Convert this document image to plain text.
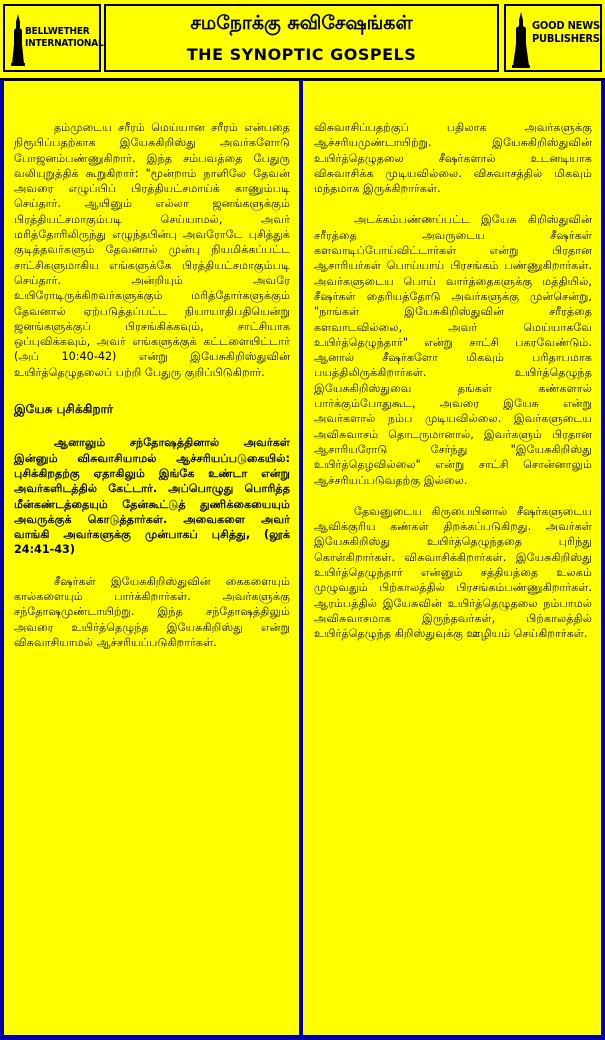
BELLWETHER INTERNATIONAL
சமநோக்கு சுவிசேஷங்கள்
THE SYNOPTIC GOSPELS
GOOD NEWS PUBLISHERS

தம்முடைய சரீரம் மெய்யான சரீரம் என்பதை நிரூபிப்பதற்காக இயேசுகிறிஸ்து அவர்களோடு போஜனம்பண்ணுகிறார். இந்த சம்பவத்தை பேதுரு வலியுறுத்திக் கூறுகிறார்: "மூன்றாம் நாளிலே தேவன் அவரை எழுப்பிப் பிரத்தியட்சமாய்க் காணும்படி செய்தார். ஆயினும் எல்லா ஜனங்களுக்கும் பிரத்தியட்சமாகும்படி செய்யாமல், அவர் மரித்தோரிலிருந்து எழுந்தபின்பு அவரோடே புசித்துக் குடித்தவர்களும் தேவனால் முன்பு நியமிக்கப்பட்ட சாட்சிகளுமாகிய எங்களுக்கே பிரத்தியட்சமாகும்படி செய்தார். அன்றியும் அவரே உயிரோடிருக்கிறவர்களுக்கும் மரித்தோர்களுக்கும் தேவனால் ஏற்படுத்தப்பட்ட நியாயாதிபதியென்று ஜனங்களுக்குப் பிரசங்கிக்கவும், சாட்சியாக ஒப்புவிக்கவும், அவர் எங்களுக்குக் கட்டளையிட்டார் (அப் 10:40-42) என்று இயேசுகிறிஸ்துவின் உயிர்த்தெழுதலைப் பற்றி பேதுரு குறிப்பிடுகிறார்.

இயேசு புசிக்கிறார்

ஆனாலும் சந்தோஷத்தினால் அவர்கள் இன்னும் விசுவாசியாமல் ஆச்சரியப்படுகையில்: புசிக்கிறதற்கு ஏதாகிலும் இங்கே உண்டா என்று அவர்களிடத்தில் கேட்டார். அப்பொழுது பொரித்த மீன்கண்டத்தையும் தேன்கூட்டுத் துணிக்கையையும் அவருக்குக் கொடுத்தார்கள். அவைகளை அவர் வாங்கி அவர்களுக்கு முன்பாகப் புசித்து, (லூக் 24:41-43)

சீஷர்கள் இயேசுகிறிஸ்துவின் கைகளையும் கால்களையும் பார்க்கிறார்கள். அவர்களுக்கு சந்தோஷமுண்டாயிற்று. இந்த சந்தோஷத்திலும் அவரை உயிர்த்தெழுந்த இயேசுகிறிஸ்து என்று விசுவாசியாமல் ஆச்சரியப்படுகிறார்கள்.

விசுவாசிப்பதற்குப் பதிலாக அவர்களுக்கு ஆச்சரியமுண்டாயிற்று. இயேசுகிறிஸ்துவின் உயிர்த்தெழுதலை சீஷர்களால் உடனடியாக விசுவாசிக்க முடியவில்லை. விசுவாசத்தில் மிகவும் மந்தமாக இருக்கிறார்கள்.

அடக்கம்பண்ணப்பட்ட இயேசு கிறிஸ்துவின் சரீரத்தை அவருடைய சீஷர்கள் களவாடிப்போய்விட்டார்கள் என்று பிரதான ஆசாரியர்கள் பொய்யாய் பிரசங்கம் பண்ணுகிறார்கள். அவர்களுடைய பொய் வார்த்தைகளுக்கு மத்தியில், சீஷர்கள் தைரியத்தோடு அவர்களுக்கு முன்சென்று, "நாங்கள் இயேசுகிறிஸ்துவின் சரீரத்தை களவாடவில்லை, அவர் மெய்யாகவே உயிர்த்தெழுந்தார்" என்று சாட்சி பகரவேண்டும். ஆனால் சீஷர்களோ மிகவும் பரிதாபமாக பயத்திலிருக்கிறார்கள். உயிர்த்தெழுந்த இயேசுகிறிஸ்துவை தங்கள் கண்களால் பார்க்கும்போதுகூட, அவரை இயேசு என்று அவர்களால் நம்ப முடியவில்லை. இவர்களுடைய அவிசுவாசம் தொடருமானால், இவர்களும் பிரதான ஆசாரியரோடு சேர்ந்து "இயேசுகிறிஸ்து உயிர்த்தெழவில்லை" என்று சாட்சி சொன்னாலும் ஆச்சரியப்படுவதற்கு இல்லை.

தேவனுடைய கிருபையினால் சீஷர்களுடைய ஆவிக்குரிய கண்கள் திறக்கப்படுகிறது. அவர்கள் இயேசுகிறிஸ்து உயிர்த்தெழுந்ததை புரிந்து கொள்கிறார்கள். விசுவாசிக்கிறார்கள். இயேசுகிறிஸ்து உயிர்த்தெழுந்தார் என்னும் சத்தியத்தை உலகம் முழுவதும் பிற்காலத்தில் பிரசங்கம்பண்ணுகிறார்கள். ஆரம்பத்தில் இயேசுவின் உயிர்த்தெழுதலை நம்பாமல் அவிசுவாசமாக இருந்தவர்கள், பிற்காலத்தில் உயிர்த்தெழுந்த கிறிஸ்துவுக்கு ஊழியம் செய்கிறார்கள்.
